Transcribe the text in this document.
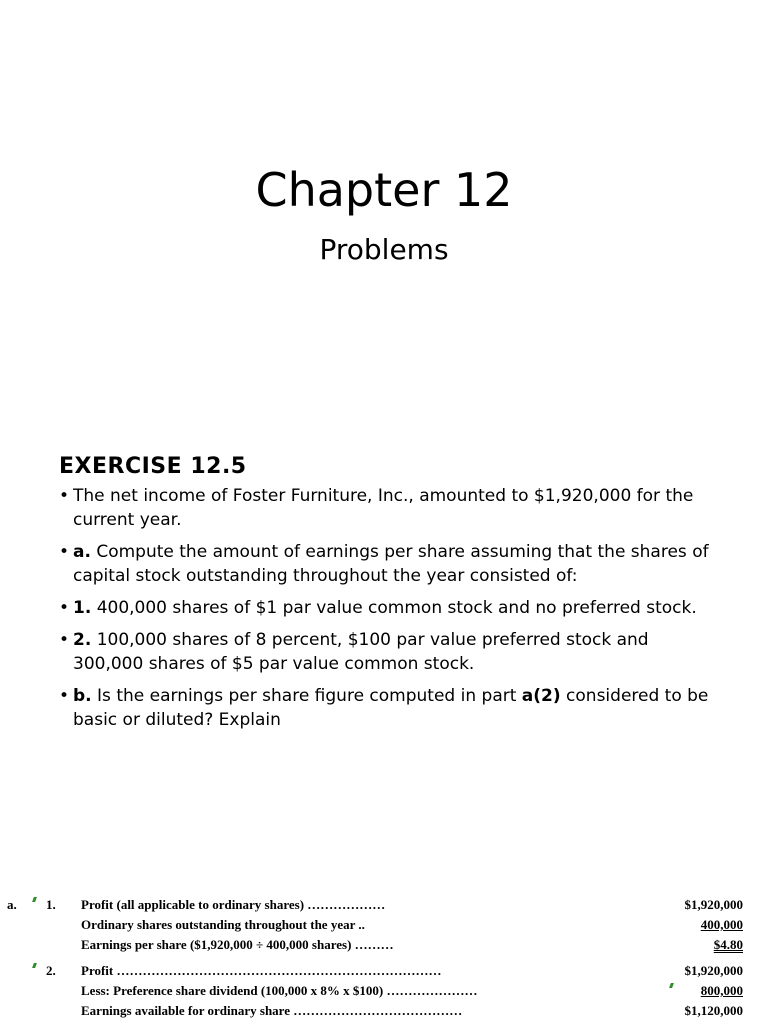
Chapter 12
Problems
EXERCISE 12.5
• The net income of Foster Furniture, Inc., amounted to $1,920,000 for the current year.
• a. Compute the amount of earnings per share assuming that the shares of capital stock outstanding throughout the year consisted of:
• 1. 400,000 shares of $1 par value common stock and no preferred stock.
• 2. 100,000 shares of 8 percent, $100 par value preferred stock and 300,000 shares of $5 par value common stock.
• b. Is the earnings per share figure computed in part a(2) considered to be basic or diluted? Explain
a. 1. Profit (all applicable to ordinary shares) ………………	$1,920,000
Ordinary shares outstanding throughout the year ..	400,000
Earnings per share ($1,920,000 ÷ 400,000 shares) ………	$4.80
2. Profit …………………………………………………………………	$1,920,000
Less: Preference share dividend (100,000 x 8% x $100) …………………	800,000
Earnings available for ordinary share …………………………………	$1,120,000
